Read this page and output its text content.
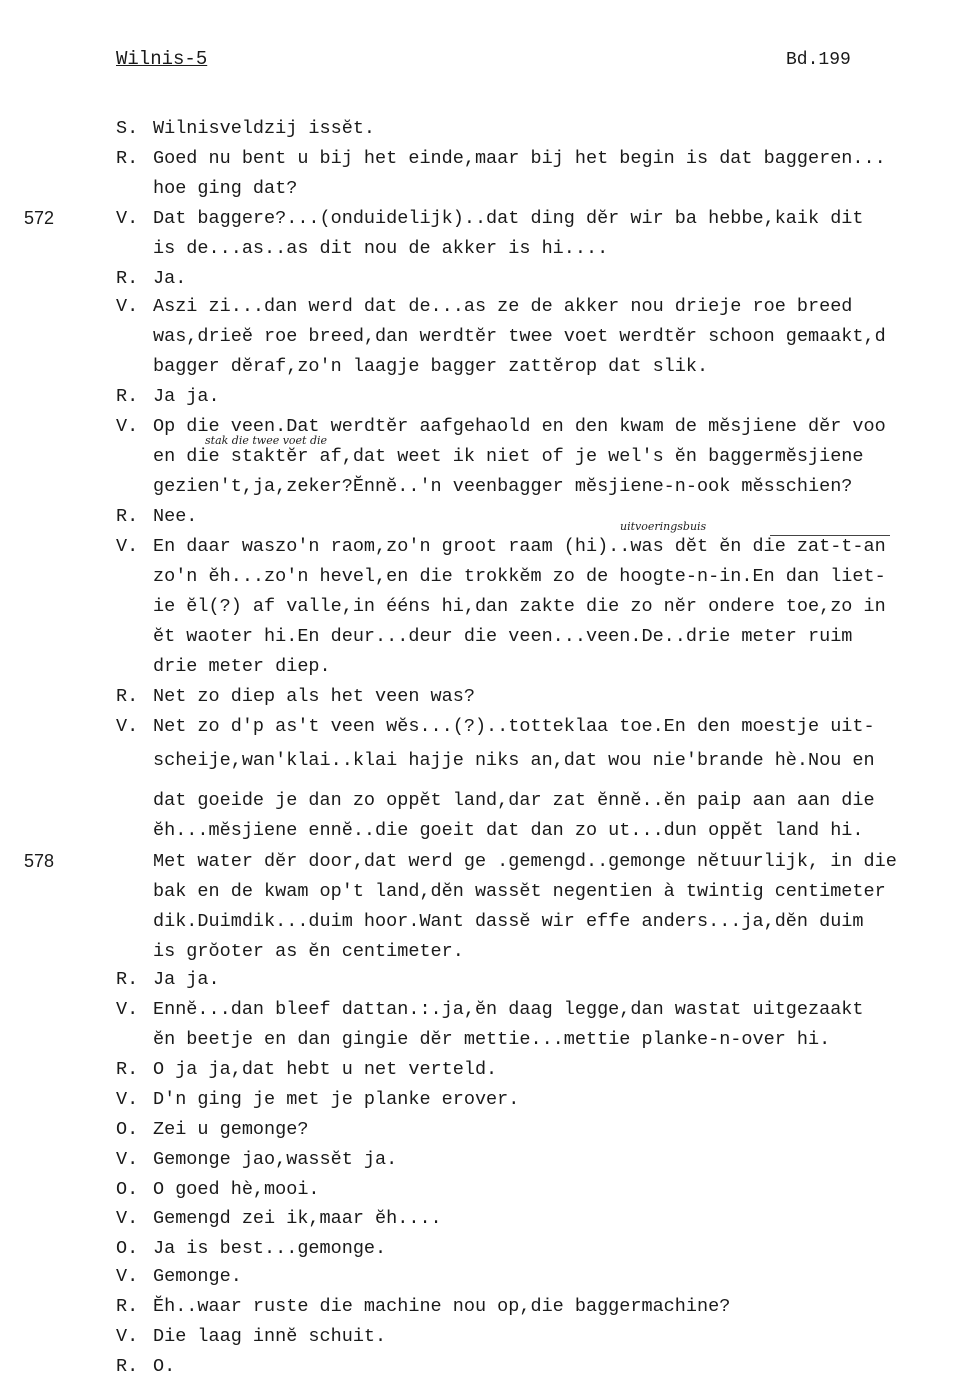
Wilnis-5	Bd.199
572
578
stak die twee voet die
uitvoeringsbuis
S. Wilnisveldzij issĕt.
R. Goed nu bent u bij het einde,maar bij het begin is dat baggeren...
hoe ging dat?
V. Dat baggere?...(onduidelijk)..dat ding dĕr wir ba hebbe,kaik dit
is de...as..as dit nou de akker is hi....
R. Ja.
V. Aszi zi...dan werd dat de...as ze de akker nou drieje roe breed
was,drieĕ roe breed,dan werdtĕr twee voet werdtĕr schoon gemaakt,d
bagger dĕraf,zo'n laagje bagger zattĕrop dat slik.
R. Ja ja.
V. Op die veen.Dat werdtĕr aafgehaold en den kwam de mĕsjiene dĕr voo
en die staktĕr af,dat weet ik niet of je wel's ĕn baggermĕsjiene
gezien't,ja,zeker?Ĕnnĕ..'n veenbagger mĕsjiene-n-ook mĕsschien?
R. Nee.
V. En daar waszo'n raom,zo'n groot raam (hi)..was dĕt ĕn die zat-t-an
zo'n ĕh...zo'n hevel,en die trokkĕm zo de hoogte-n-in.En dan liet-
ie ĕl(?) af valle,in ééns hi,dan zakte die zo nĕr ondere toe,zo in
ĕt waoter hi.En deur...deur die veen...veen.De..drie meter ruim
drie meter diep.
R. Net zo diep als het veen was?
V. Net zo d'p as't veen wĕs...(?)..totteklaa toe.En den moestje uit-
scheije,wan'klai..klai hajje niks an,dat wou nie'brande hè.Nou en
dat goeide je dan zo oppĕt land,dar zat ĕnnĕ..ĕn paip aan aan die
ĕh...mĕsjiene ennĕ..die goeit dat dan zo ut...dun oppĕt land hi.
Met water dĕr door,dat werd ge .gemengd..gemonge nĕtuurlijk, in die
bak en de kwam op't land,dĕn wassĕt negentien à twintig centimeter
dik.Duimdik...duim hoor.Want dassĕ wir effe anders...ja,dĕn duim
is grŏoter as ĕn centimeter.
R. Ja ja.
V. Ennĕ...dan bleef dattan.:.ja,ĕn daag legge,dan wastat uitgezaakt
ĕn beetje en dan gingie dĕr mettie...mettie planke-n-over hi.
R. O ja ja,dat hebt u net verteld.
V. D'n ging je met je planke erover.
O. Zei u gemonge?
V. Gemonge jao,wassĕt ja.
O. O goed hè,mooi.
V. Gemengd zei ik,maar ĕh....
O. Ja is best...gemonge.
V. Gemonge.
R. Ĕh..waar ruste die machine nou op,die baggermachine?
V. Die laag innĕ schuit.
R. O.
